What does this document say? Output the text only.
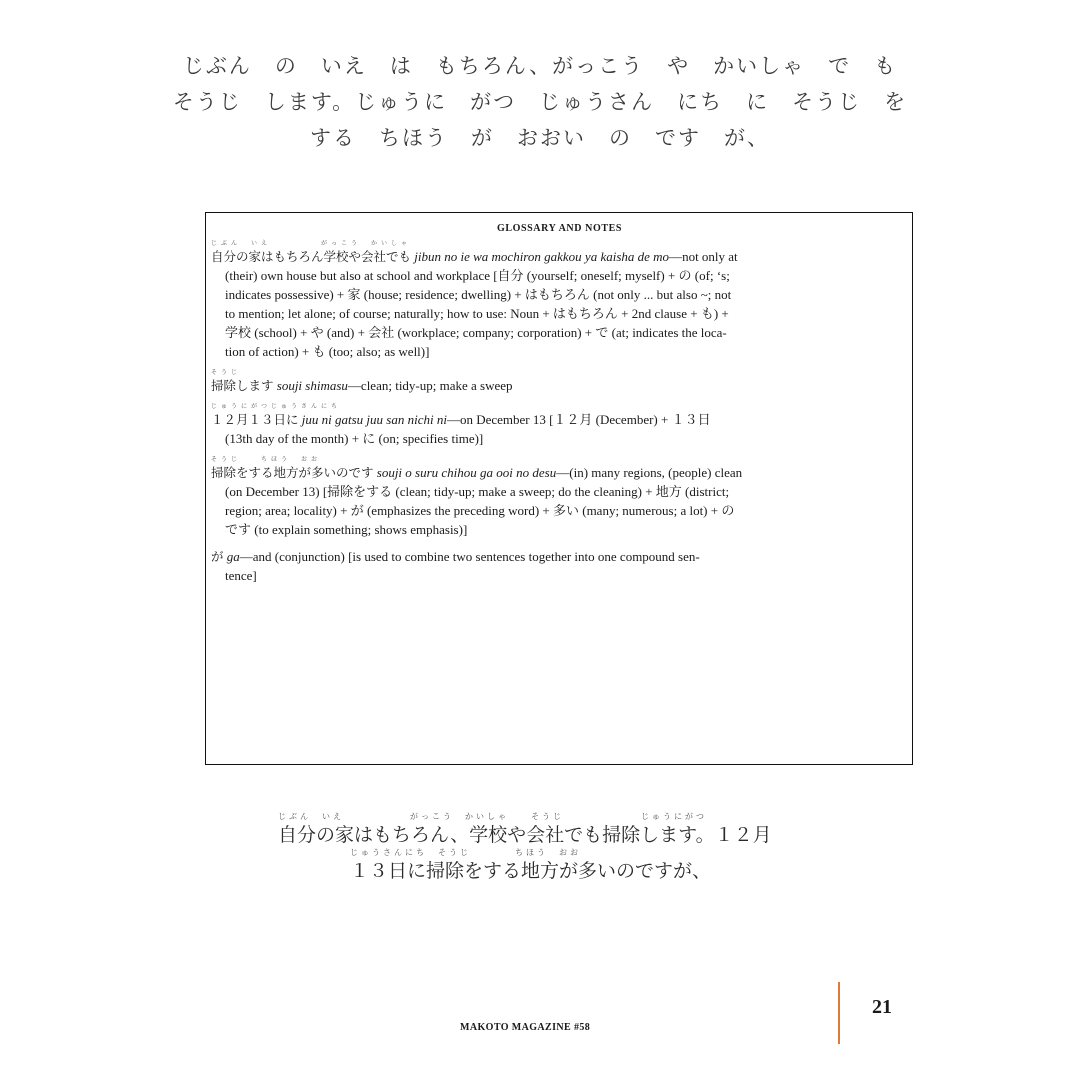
じぶん　の　いえ　は　もちろん、がっこう　や　かいしゃ　で　も
そうじ　します。じゅうに　がつ　じゅうさん　にち　に　そうじ　を
する　ちほう　が　おおい　の　です　が、
GLOSSARY AND NOTES
じぶん　いえ　　　　　がっこう　かいしゃ
自分の家はもちろん学校や会社でも jibun no ie wa mochiron gakkou ya kaisha de mo—not only at
(their) own house but also at school and workplace [自分 (yourself; oneself; myself) + の (of; ‘s;
indicates possessive) + 家 (house; residence; dwelling) + はもちろん (not only ... but also ~; not
to mention; let alone; of course; naturally; how to use: Noun + はもちろん + 2nd clause + も) +
学校 (school) + や (and) + 会社 (workplace; company; corporation) + で (at; indicates the loca-
tion of action) + も (too; also; as well)]
そうじ
掃除します souji shimasu—clean; tidy-up; make a sweep
じゅうにがつじゅうさんにち
１２月１３日に juu ni gatsu juu san nichi ni—on December 13 [１２月 (December) + １３日
(13th day of the month) + に (on; specifies time)]
そうじ　　ちほう　おお
掃除をする地方が多いのです souji o suru chihou ga ooi no desu—(in) many regions, (people) clean
(on December 13) [掃除をする (clean; tidy-up; make a sweep; do the cleaning) + 地方 (district;
region; area; locality) + が (emphasizes the preceding word) + 多い (many; numerous; a lot) + の
です (to explain something; shows emphasis)]
が ga—and (conjunction) [is used to combine two sentences together into one compound sen-
tence]
じぶん　いえ　　　　　　がっこう　かいしゃ　　そうじ　　　　　　　じゅうにがつ
自分の家はもちろん、学校や会社でも掃除します。１２月
じゅうさんにち　そうじ　　　　ちほう　おお
１３日に掃除をする地方が多いのですが、
MAKOTO MAGAZINE #58
21
